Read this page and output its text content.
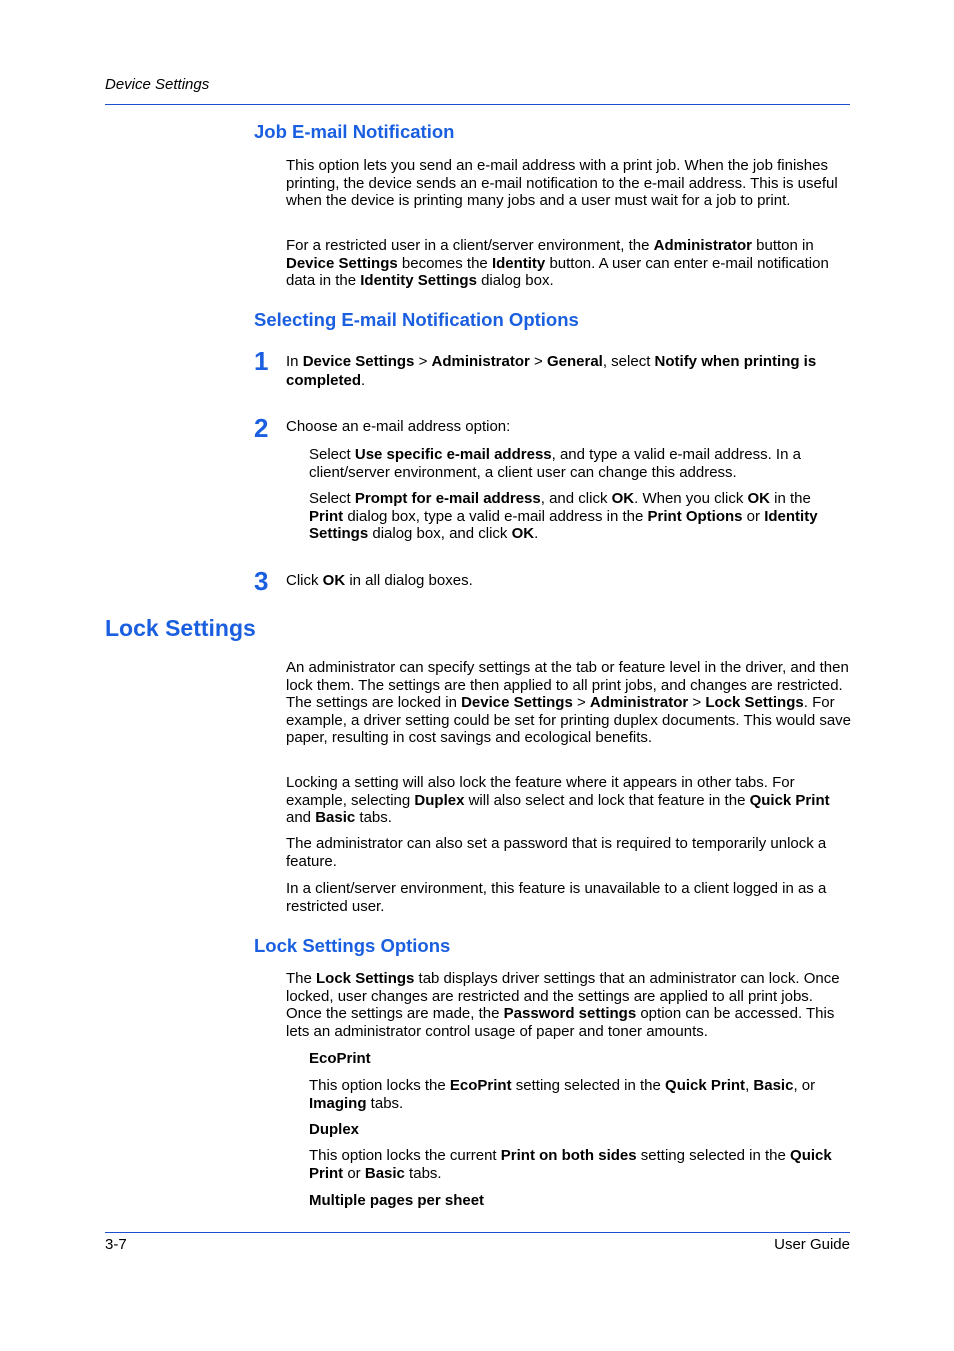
Device Settings
Job E-mail Notification
This option lets you send an e-mail address with a print job. When the job finishes printing, the device sends an e-mail notification to the e-mail address. This is useful when the device is printing many jobs and a user must wait for a job to print.
For a restricted user in a client/server environment, the Administrator button in Device Settings becomes the Identity button. A user can enter e-mail notification data in the Identity Settings dialog box.
Selecting E-mail Notification Options
1 In Device Settings > Administrator > General, select Notify when printing is completed.
2 Choose an e-mail address option:
Select Use specific e-mail address, and type a valid e-mail address. In a client/server environment, a client user can change this address.
Select Prompt for e-mail address, and click OK. When you click OK in the Print dialog box, type a valid e-mail address in the Print Options or Identity Settings dialog box, and click OK.
3 Click OK in all dialog boxes.
Lock Settings
An administrator can specify settings at the tab or feature level in the driver, and then lock them. The settings are then applied to all print jobs, and changes are restricted. The settings are locked in Device Settings > Administrator > Lock Settings. For example, a driver setting could be set for printing duplex documents. This would save paper, resulting in cost savings and ecological benefits.
Locking a setting will also lock the feature where it appears in other tabs. For example, selecting Duplex will also select and lock that feature in the Quick Print and Basic tabs.
The administrator can also set a password that is required to temporarily unlock a feature.
In a client/server environment, this feature is unavailable to a client logged in as a restricted user.
Lock Settings Options
The Lock Settings tab displays driver settings that an administrator can lock. Once locked, user changes are restricted and the settings are applied to all print jobs. Once the settings are made, the Password settings option can be accessed. This lets an administrator control usage of paper and toner amounts.
EcoPrint
This option locks the EcoPrint setting selected in the Quick Print, Basic, or Imaging tabs.
Duplex
This option locks the current Print on both sides setting selected in the Quick Print or Basic tabs.
Multiple pages per sheet
3-7	User Guide
